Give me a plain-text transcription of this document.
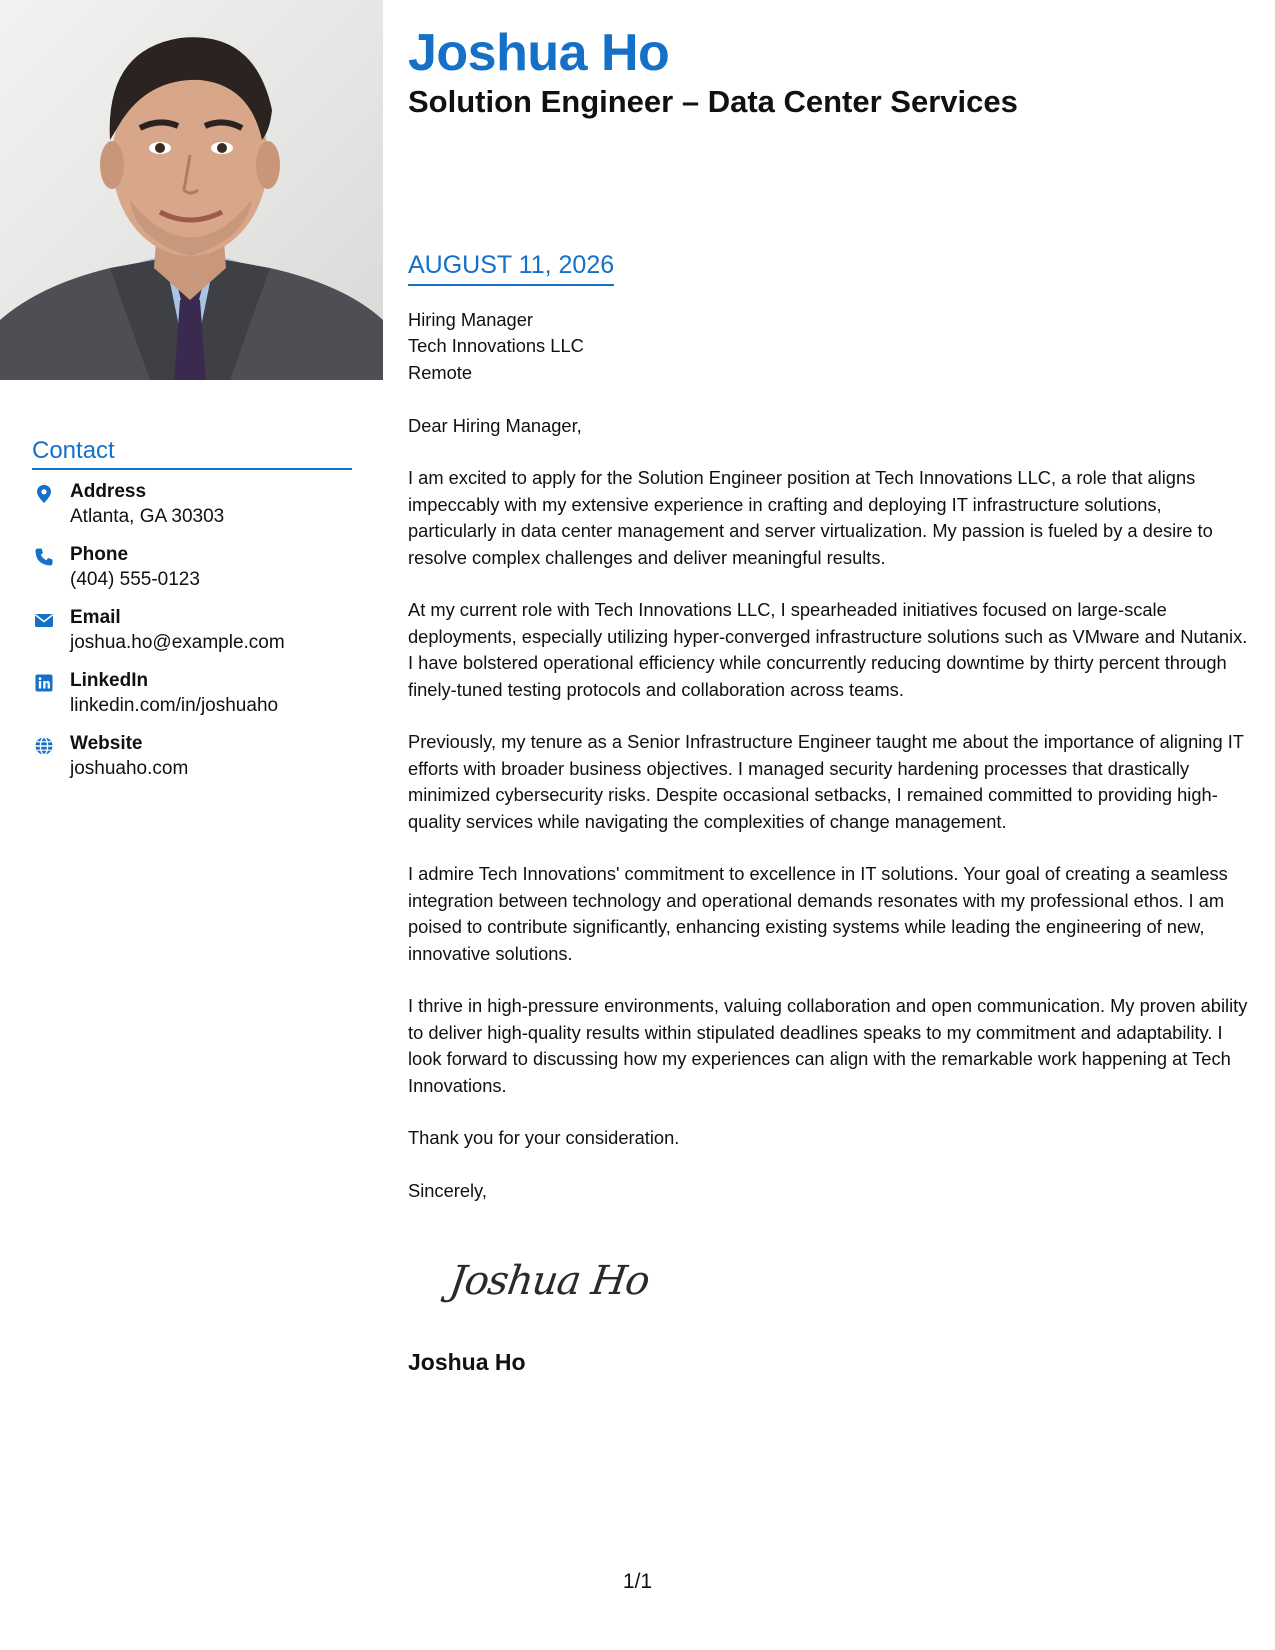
Contact
Address
Atlanta, GA 30303
Phone
(404) 555-0123
Email
joshua.ho@example.com
LinkedIn
linkedin.com/in/joshuaho
Website
joshuaho.com
Joshua Ho
Solution Engineer – Data Center Services
AUGUST 11, 2026
Hiring Manager
Tech Innovations LLC
Remote

Dear Hiring Manager,

I am excited to apply for the Solution Engineer position at Tech Innovations LLC, a role that aligns impeccably with my extensive experience in crafting and deploying IT infrastructure solutions, particularly in data center management and server virtualization. My passion is fueled by a desire to resolve complex challenges and deliver meaningful results.

At my current role with Tech Innovations LLC, I spearheaded initiatives focused on large-scale deployments, especially utilizing hyper-converged infrastructure solutions such as VMware and Nutanix. I have bolstered operational efficiency while concurrently reducing downtime by thirty percent through finely-tuned testing protocols and collaboration across teams.

Previously, my tenure as a Senior Infrastructure Engineer taught me about the importance of aligning IT efforts with broader business objectives. I managed security hardening processes that drastically minimized cybersecurity risks. Despite occasional setbacks, I remained committed to providing high-quality services while navigating the complexities of change management.

I admire Tech Innovations' commitment to excellence in IT solutions. Your goal of creating a seamless integration between technology and operational demands resonates with my professional ethos. I am poised to contribute significantly, enhancing existing systems while leading the engineering of new, innovative solutions.

I thrive in high-pressure environments, valuing collaboration and open communication. My proven ability to deliver high-quality results within stipulated deadlines speaks to my commitment and adaptability. I look forward to discussing how my experiences can align with the remarkable work happening at Tech Innovations.

Thank you for your consideration.

Sincerely,

Joshua Ho
Joshua Ho
1/1
